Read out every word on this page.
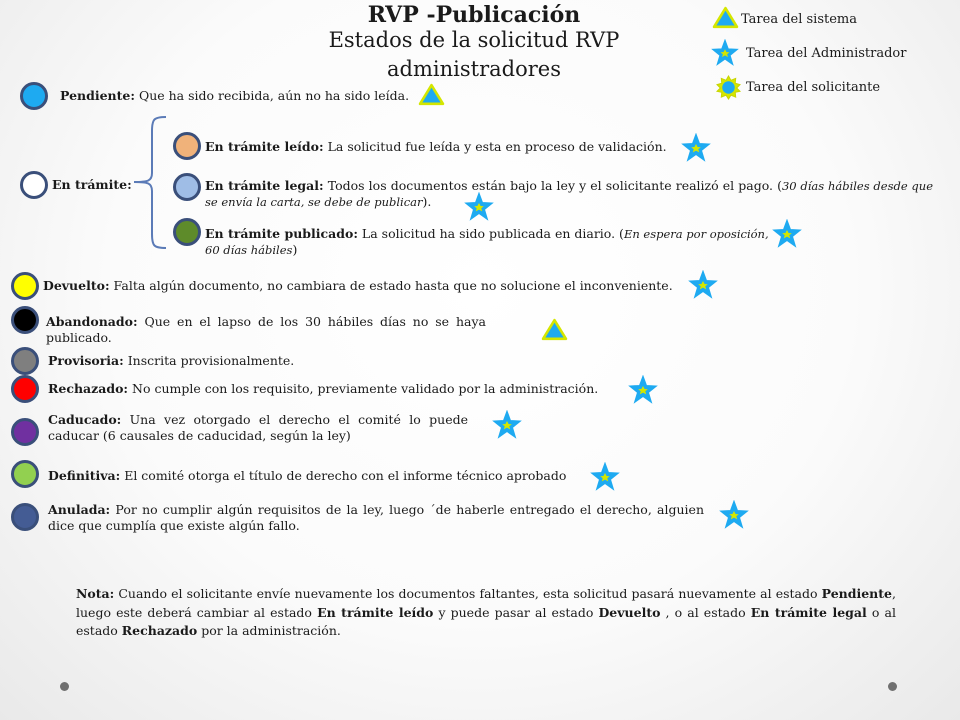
RVP -Publicación
Estados de la solicitud RVP administradores
Tarea del sistema
Tarea del Administrador
Tarea del solicitante
Pendiente: Que ha sido recibida, aún no ha sido leída.
En trámite:
En trámite leído: La solicitud fue leída y esta en proceso de validación.
En trámite legal: Todos los documentos están bajo la ley y el solicitante realizó el pago. (30 días hábiles desde que se envía la carta, se debe de publicar).
En trámite publicado: La solicitud ha sido publicada en diario. (En espera por oposición, 60 días hábiles)
Devuelto: Falta algún documento, no cambiara de estado hasta que no solucione el inconveniente.
Abandonado: Que en el lapso de los 30 hábiles días no se haya publicado.
Provisoria: Inscrita provisionalmente.
Rechazado: No cumple con los requisito, previamente validado por la administración.
Caducado: Una vez otorgado el derecho el comité lo puede caducar (6 causales de caducidad, según la ley)
Definitiva: El comité otorga el título de derecho con el informe técnico aprobado
Anulada: Por no cumplir algún requisitos de la ley, luego ´de haberle entregado el derecho, alguien dice que cumplía que existe algún fallo.
Nota: Cuando el solicitante envíe nuevamente los documentos faltantes, esta solicitud pasará nuevamente al estado Pendiente, luego este deberá cambiar al estado En trámite leído y puede pasar al estado Devuelto , o al estado En trámite legal o al estado Rechazado por la administración.
